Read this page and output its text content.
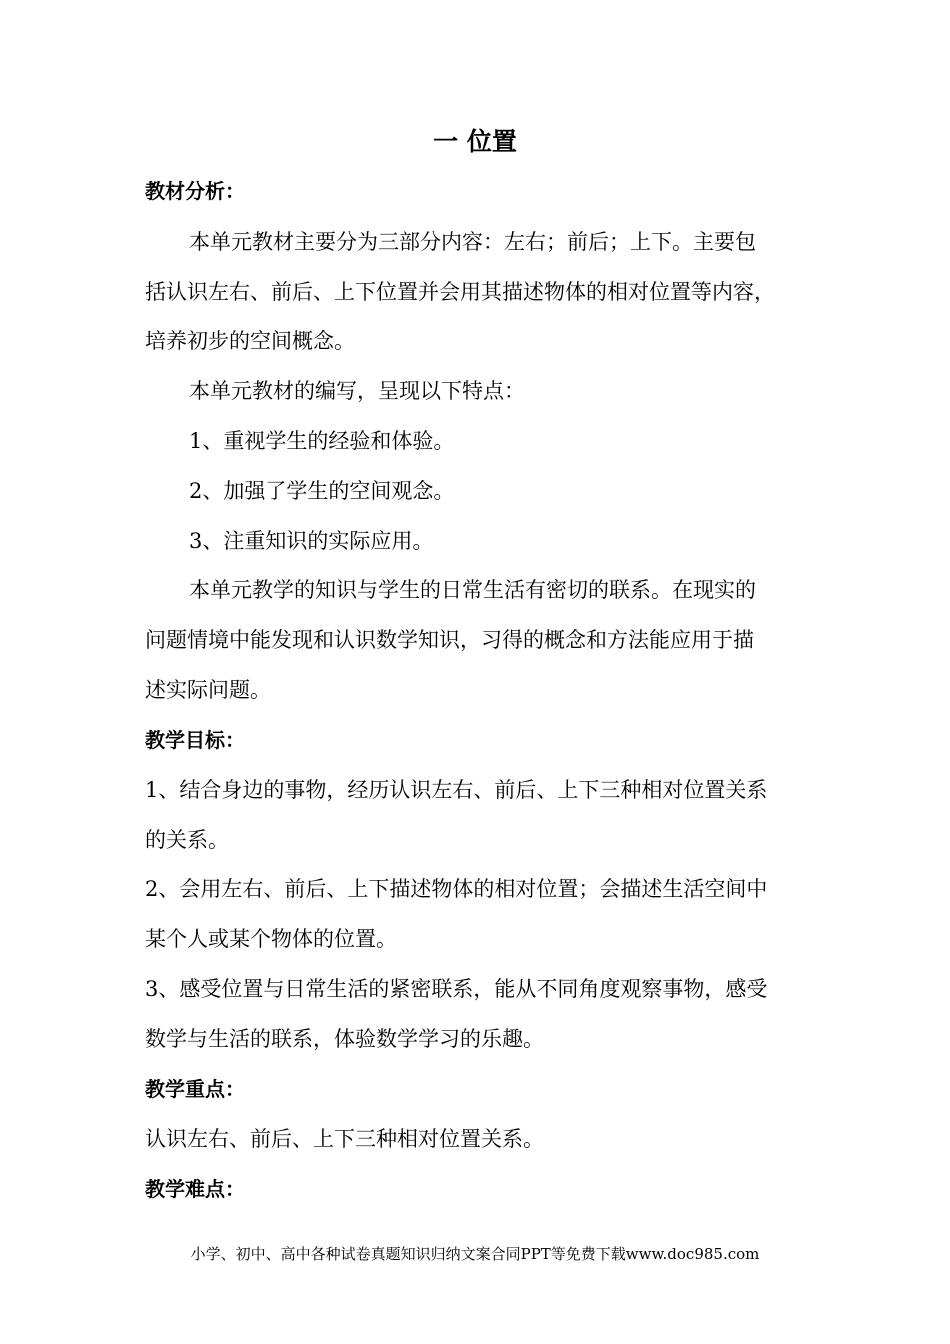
一 位置
教材分析：
本单元教材主要分为三部分内容：左右；前后；上下。主要包
括认识左右、前后、上下位置并会用其描述物体的相对位置等内容，
培养初步的空间概念。
本单元教材的编写，呈现以下特点：
1、重视学生的经验和体验。
2、加强了学生的空间观念。
3、注重知识的实际应用。
本单元教学的知识与学生的日常生活有密切的联系。在现实的
问题情境中能发现和认识数学知识，习得的概念和方法能应用于描
述实际问题。
教学目标：
1、结合身边的事物，经历认识左右、前后、上下三种相对位置关系
的关系。
2、会用左右、前后、上下描述物体的相对位置；会描述生活空间中
某个人或某个物体的位置。
3、感受位置与日常生活的紧密联系，能从不同角度观察事物，感受
数学与生活的联系，体验数学学习的乐趣。
教学重点：
认识左右、前后、上下三种相对位置关系。
教学难点：
小学、初中、高中各种试卷真题知识归纳文案合同PPT等免费下载www.doc985.com
